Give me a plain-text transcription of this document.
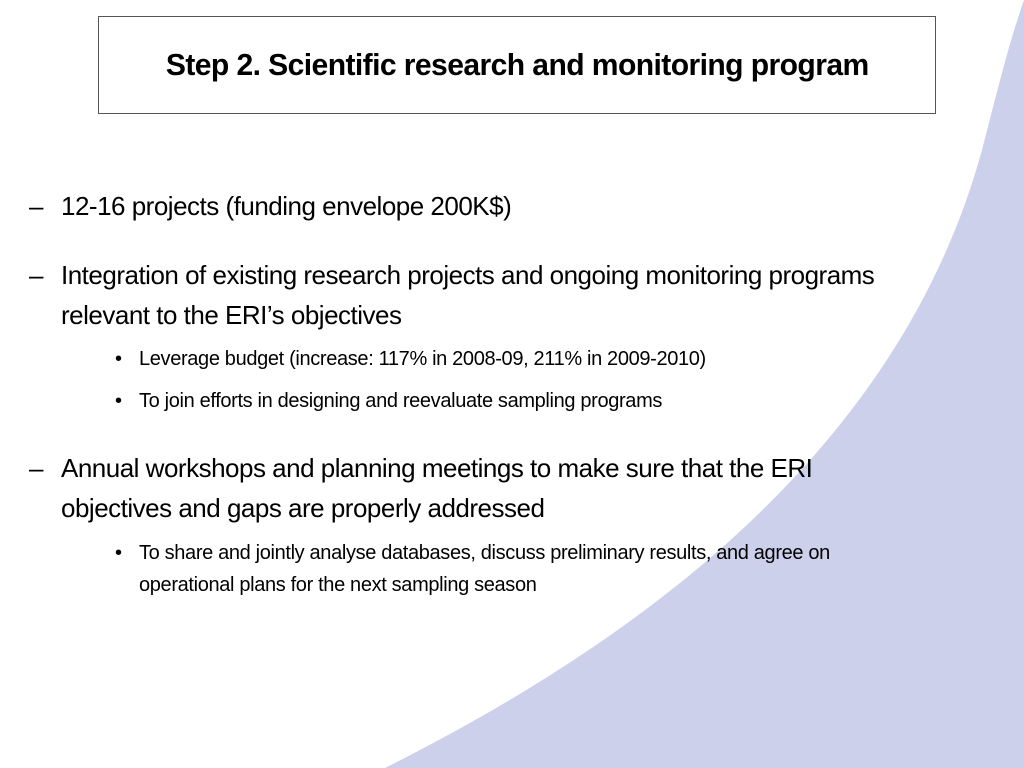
Step 2. Scientific research and monitoring program
– 12-16 projects (funding envelope 200K$)
– Integration of existing research projects and ongoing monitoring programs
relevant to the ERI’s objectives
• Leverage budget (increase: 117% in 2008-09, 211% in 2009-2010)
• To join efforts in designing and reevaluate sampling programs
– Annual workshops and planning meetings to make sure that the ERI
objectives and gaps are properly addressed
• To share and jointly analyse databases, discuss preliminary results, and agree on
operational plans for the next sampling season
